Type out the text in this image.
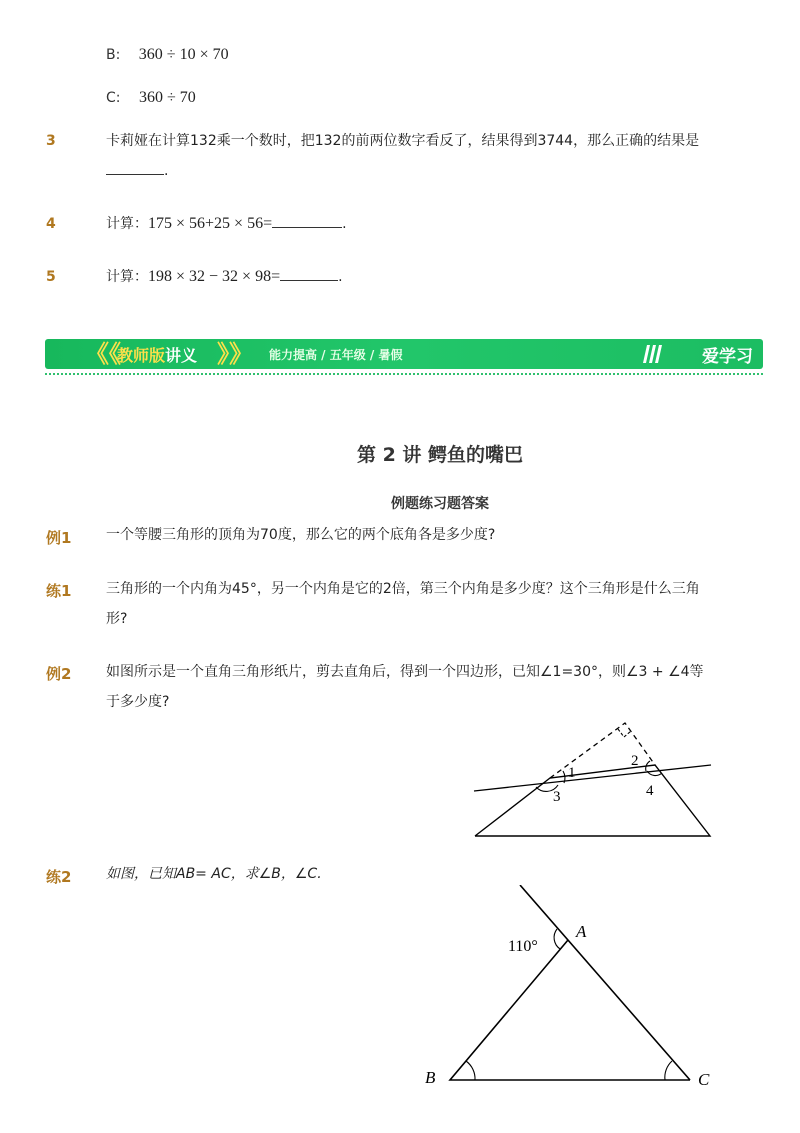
B: 360 ÷ 10 × 70
C: 360 ÷ 70
3	卡莉娅在计算132乘一个数时，把132的前两位数字看反了，结果得到3744，那么正确的结果是
.
4	计算：175 × 56+25 × 56=	.
5	计算：198 × 32 − 32 × 98=	.
《《
教师版讲义 》》 能力提高 / 五年级 / 暑假	爱学习
第 2 讲 鳄鱼的嘴巴
例题练习题答案
例1 一个等腰三角形的顶角为70度，那么它的两个底角各是多少度?
练1 三角形的一个内角为45°，另一个内角是它的2倍，第三个内角是多少度？这个三角形是什么三角形?
例2 如图所示是一个直角三角形纸片，剪去直角后，得到一个四边形，已知∠1=30°，则∠3 + ∠4等于多少度?
1
2
3	4
练2 如图，已知AB= AC，求∠B，∠C.
110°
A
B	C
